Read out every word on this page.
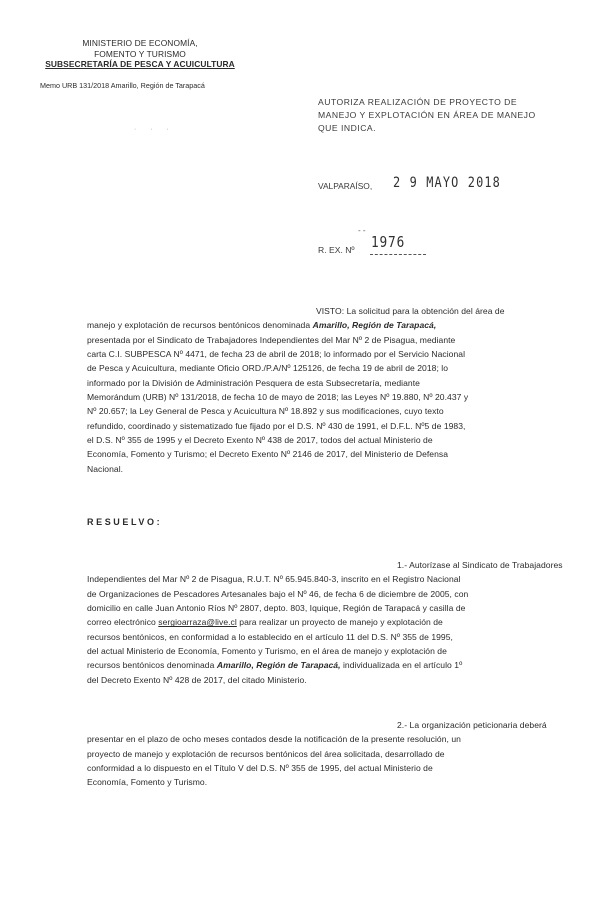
MINISTERIO DE ECONOMÍA,
FOMENTO Y TURISMO
SUBSECRETARÍA DE PESCA Y ACUICULTURA
Memo URB 131/2018 Amarillo, Región de Tarapacá
· · ·
AUTORIZA REALIZACIÓN DE PROYECTO DE
MANEJO Y EXPLOTACIÓN EN ÁREA DE MANEJO
QUE INDICA.
VALPARAÍSO, 2 9 MAYO 2018
- -
R. EX. Nº 1976
VISTO: La solicitud para la obtención del área de
manejo y explotación de recursos bentónicos denominada Amarillo, Región de Tarapacá,
presentada por el Sindicato de Trabajadores Independientes del Mar Nº 2 de Pisagua, mediante
carta C.I. SUBPESCA Nº 4471, de fecha 23 de abril de 2018; lo informado por el Servicio Nacional
de Pesca y Acuicultura, mediante Oficio ORD./P.A/Nº 125126, de fecha 19 de abril de 2018; lo
informado por la División de Administración Pesquera de esta Subsecretaría, mediante
Memorándum (URB) Nº 131/2018, de fecha 10 de mayo de 2018; las Leyes Nº 19.880, Nº 20.437 y
Nº 20.657; la Ley General de Pesca y Acuicultura Nº 18.892 y sus modificaciones, cuyo texto
refundido, coordinado y sistematizado fue fijado por el D.S. Nº 430 de 1991, el D.F.L. Nº5 de 1983,
el D.S. Nº 355 de 1995 y el Decreto Exento Nº 438 de 2017, todos del actual Ministerio de
Economía, Fomento y Turismo; el Decreto Exento Nº 2146 de 2017, del Ministerio de Defensa
Nacional.
RESUELVO:
1.- Autorízase al Sindicato de Trabajadores
Independientes del Mar Nº 2 de Pisagua, R.U.T. Nº 65.945.840-3, inscrito en el Registro Nacional
de Organizaciones de Pescadores Artesanales bajo el Nº 46, de fecha 6 de diciembre de 2005, con
domicilio en calle Juan Antonio Ríos Nº 2807, depto. 803, Iquique, Región de Tarapacá y casilla de
correo electrónico sergioarraza@live.cl para realizar un proyecto de manejo y explotación de
recursos bentónicos, en conformidad a lo establecido en el artículo 11 del D.S. Nº 355 de 1995,
del actual Ministerio de Economía, Fomento y Turismo, en el área de manejo y explotación de
recursos bentónicos denominada Amarillo, Región de Tarapacá, individualizada en el artículo 1º
del Decreto Exento Nº 428 de 2017, del citado Ministerio.
2.- La organización peticionaria deberá
presentar en el plazo de ocho meses contados desde la notificación de la presente resolución, un
proyecto de manejo y explotación de recursos bentónicos del área solicitada, desarrollado de
conformidad a lo dispuesto en el Título V del D.S. Nº 355 de 1995, del actual Ministerio de
Economía, Fomento y Turismo.
